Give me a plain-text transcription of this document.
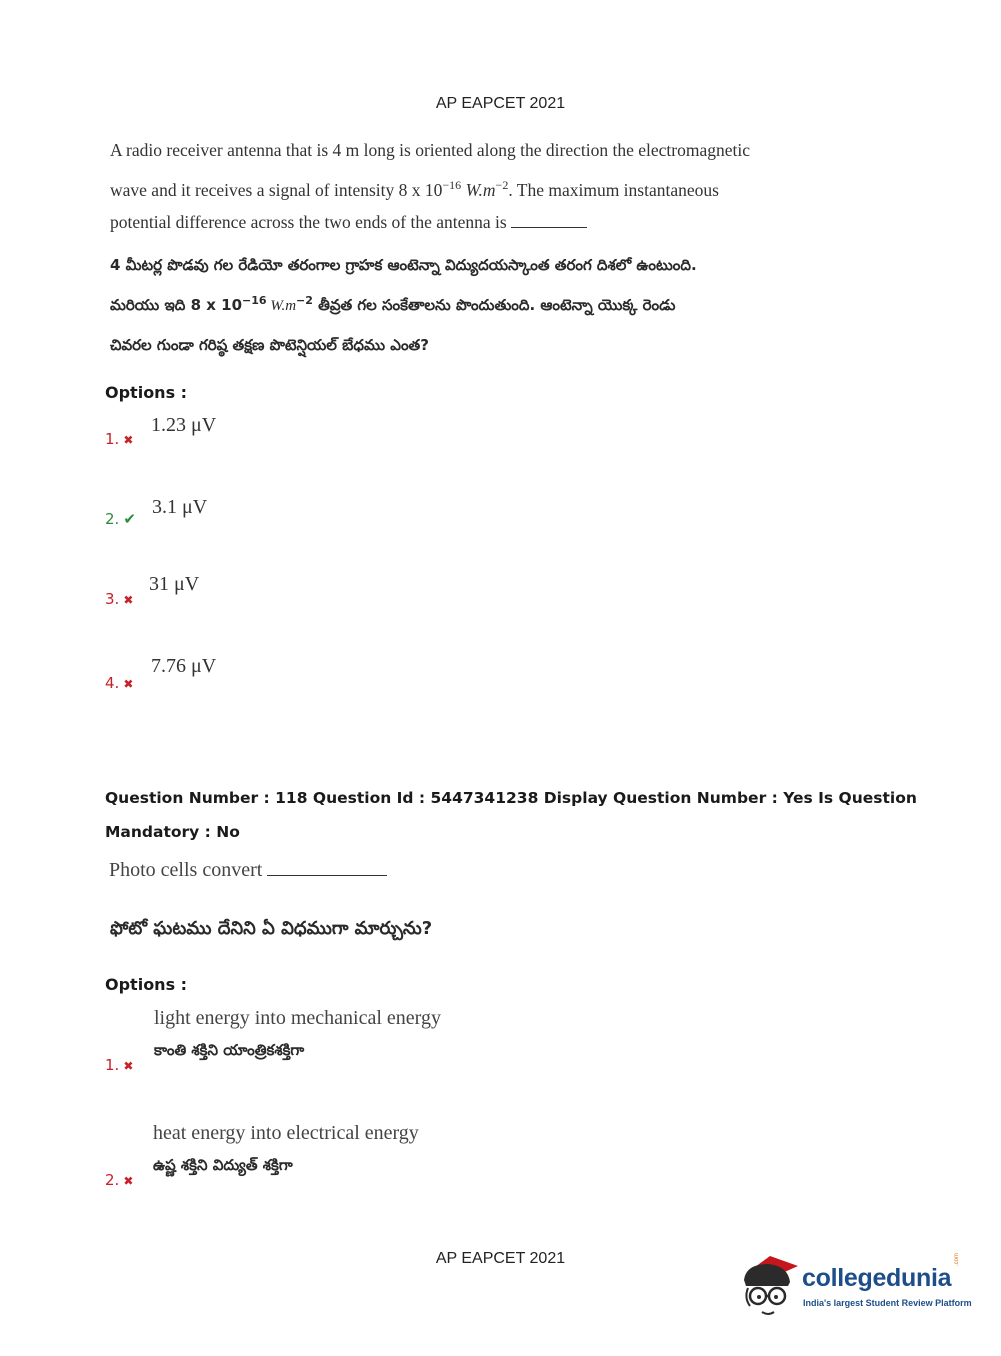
AP EAPCET 2021
A radio receiver antenna that is 4 m long is oriented along the direction the electromagnetic
wave and it receives a signal of intensity 8 x $10^{-16}$ $W.m^{-2}$. The maximum instantaneous
potential difference across the two ends of the antenna is
4 మీటర్ల పొడవు గల రేడియో తరంగాల గ్రాహక ఆంటెన్నా విద్యుదయస్కాంత తరంగ దిశలో ఉంటుంది.
మరియు ఇది 8 x $10^{-16}$ $W.m^{-2}$ తీవ్రత గల సంకేతాలను పొందుతుంది. ఆంటెన్నా యొక్క రెండు
చివరల గుండా గరిష్ఠ తక్షణ పొటెన్షియల్ బేధము ఎంత?
Options :
1. ✖
1.23 μV
2. ✔
3.1 μV
3. ✖
31 μV
4. ✖
7.76 μV
Question Number : 118 Question Id : 5447341238 Display Question Number : Yes Is Question
Mandatory : No
Photo cells convert
ఫోటో ఘటము దేనిని ఏ విధముగా మార్చును?
Options :
light energy into mechanical energy
కాంతి శక్తిని యాంత్రికశక్తిగా
1. ✖
heat energy into electrical energy
ఉష్ణ శక్తిని విద్యుత్ శక్తిగా
2. ✖
AP EAPCET 2021
collegedunia
.com
India's largest Student Review Platform
